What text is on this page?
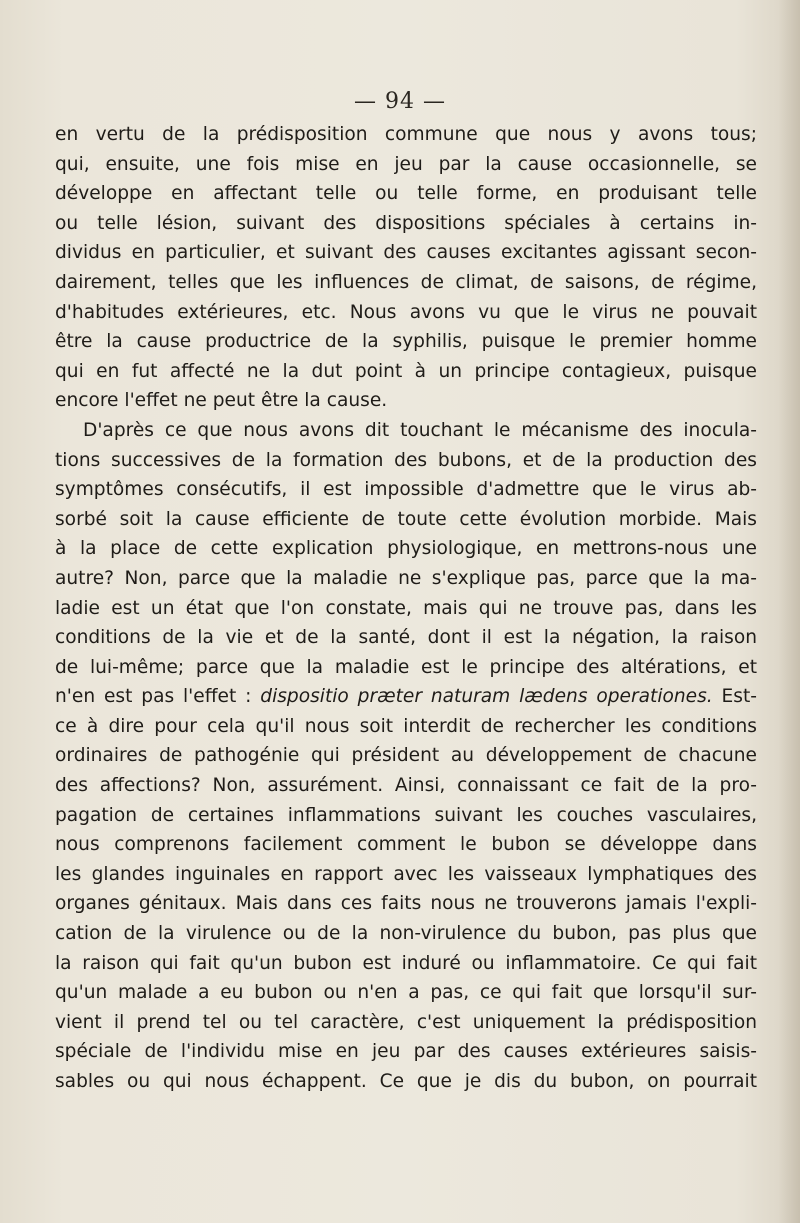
— 94 —
en vertu de la prédisposition commune que nous y avons tous;
qui, ensuite, une fois mise en jeu par la cause occasionnelle, se
développe en affectant telle ou telle forme, en produisant telle
ou telle lésion, suivant des dispositions spéciales à certains in-
dividus en particulier, et suivant des causes excitantes agissant secon-
dairement, telles que les influences de climat, de saisons, de régime,
d'habitudes extérieures, etc. Nous avons vu que le virus ne pouvait
être la cause productrice de la syphilis, puisque le premier homme
qui en fut affecté ne la dut point à un principe contagieux, puisque
encore l'effet ne peut être la cause.
D'après ce que nous avons dit touchant le mécanisme des inocula-
tions successives de la formation des bubons, et de la production des
symptômes consécutifs, il est impossible d'admettre que le virus ab-
sorbé soit la cause efficiente de toute cette évolution morbide. Mais
à la place de cette explication physiologique, en mettrons-nous une
autre? Non, parce que la maladie ne s'explique pas, parce que la ma-
ladie est un état que l'on constate, mais qui ne trouve pas, dans les
conditions de la vie et de la santé, dont il est la négation, la raison
de lui-même; parce que la maladie est le principe des altérations, et
n'en est pas l'effet : dispositio præter naturam lædens operationes. Est-
ce à dire pour cela qu'il nous soit interdit de rechercher les conditions
ordinaires de pathogénie qui président au développement de chacune
des affections? Non, assurément. Ainsi, connaissant ce fait de la pro-
pagation de certaines inflammations suivant les couches vasculaires,
nous comprenons facilement comment le bubon se développe dans
les glandes inguinales en rapport avec les vaisseaux lymphatiques des
organes génitaux. Mais dans ces faits nous ne trouverons jamais l'expli-
cation de la virulence ou de la non-virulence du bubon, pas plus que
la raison qui fait qu'un bubon est induré ou inflammatoire. Ce qui fait
qu'un malade a eu bubon ou n'en a pas, ce qui fait que lorsqu'il sur-
vient il prend tel ou tel caractère, c'est uniquement la prédisposition
spéciale de l'individu mise en jeu par des causes extérieures saisis-
sables ou qui nous échappent. Ce que je dis du bubon, on pourrait
